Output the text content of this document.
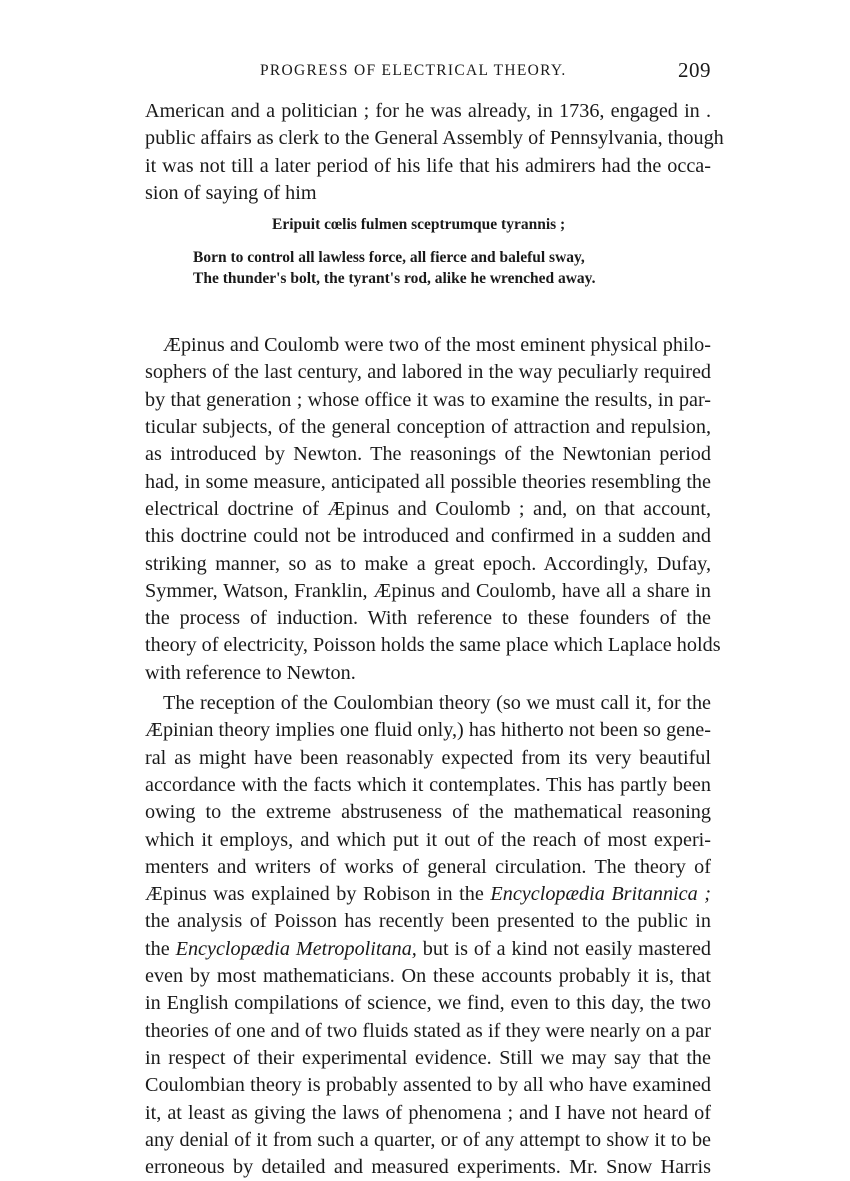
PROGRESS OF ELECTRICAL THEORY.	209
American and a politician ; for he was already, in 1736, engaged in .
public affairs as clerk to the General Assembly of Pennsylvania, though
it was not till a later period of his life that his admirers had the occa-
sion of saying of him
Eripuit cœlis fulmen sceptrumque tyrannis ;
Born to control all lawless force, all fierce and baleful sway,
The thunder's bolt, the tyrant's rod, alike he wrenched away.
Æpinus and Coulomb were two of the most eminent physical philo-
sophers of the last century, and labored in the way peculiarly required
by that generation ; whose office it was to examine the results, in par-
ticular subjects, of the general conception of attraction and repulsion,
as introduced by Newton. The reasonings of the Newtonian period
had, in some measure, anticipated all possible theories resembling the
electrical doctrine of Æpinus and Coulomb ; and, on that account,
this doctrine could not be introduced and confirmed in a sudden and
striking manner, so as to make a great epoch. Accordingly, Dufay,
Symmer, Watson, Franklin, Æpinus and Coulomb, have all a share in
the process of induction. With reference to these founders of the
theory of electricity, Poisson holds the same place which Laplace holds
with reference to Newton.
The reception of the Coulombian theory (so we must call it, for the
Æpinian theory implies one fluid only,) has hitherto not been so gene-
ral as might have been reasonably expected from its very beautiful
accordance with the facts which it contemplates. This has partly been
owing to the extreme abstruseness of the mathematical reasoning
which it employs, and which put it out of the reach of most experi-
menters and writers of works of general circulation. The theory of
Æpinus was explained by Robison in the Encyclopædia Britannica ;
the analysis of Poisson has recently been presented to the public in
the Encyclopædia Metropolitana, but is of a kind not easily mastered
even by most mathematicians. On these accounts probably it is, that
in English compilations of science, we find, even to this day, the two
theories of one and of two fluids stated as if they were nearly on a par
in respect of their experimental evidence. Still we may say that the
Coulombian theory is probably assented to by all who have examined
it, at least as giving the laws of phenomena ; and I have not heard of
any denial of it from such a quarter, or of any attempt to show it to be
erroneous by detailed and measured experiments. Mr. Snow Harris
